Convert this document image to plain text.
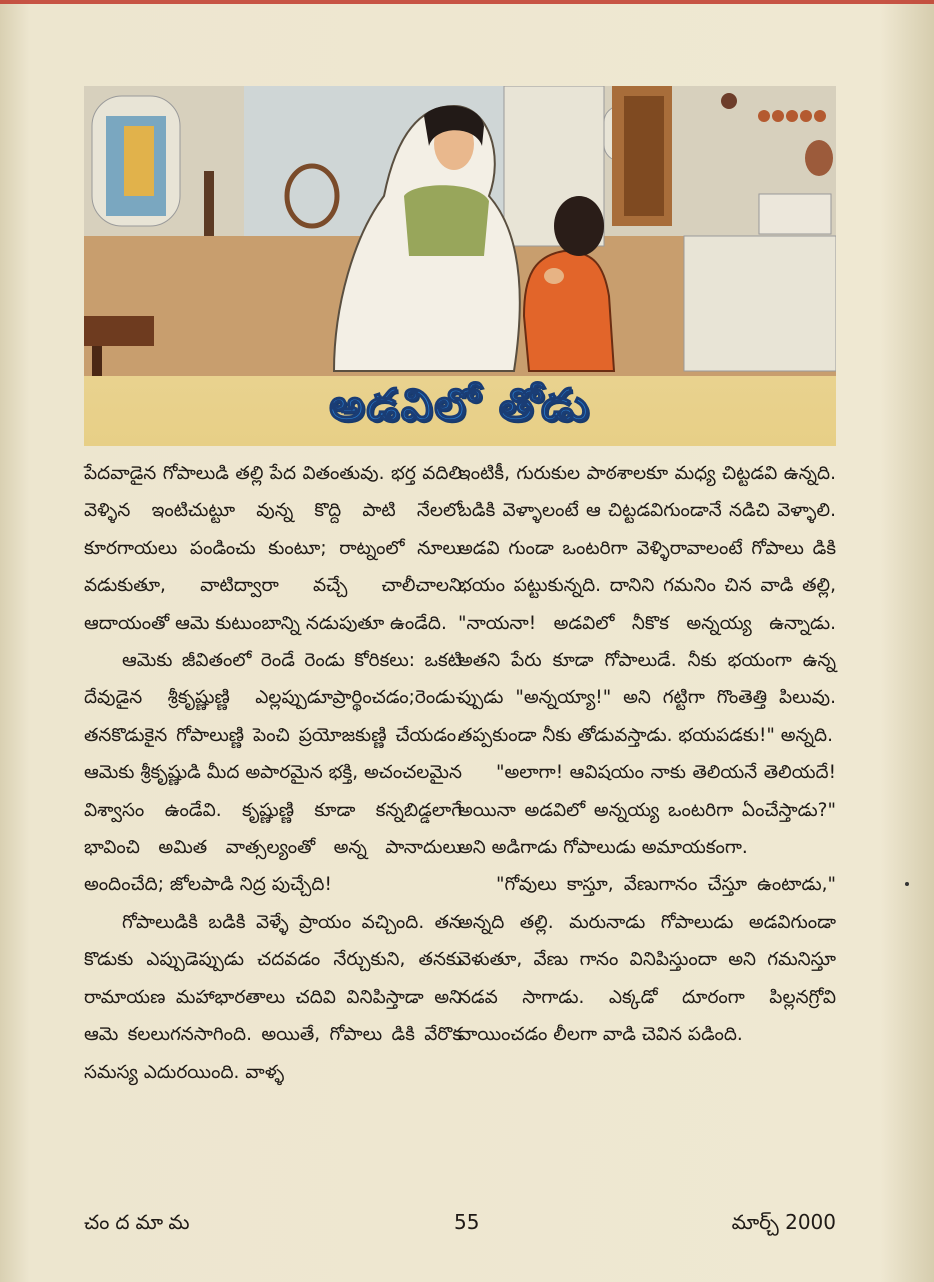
అడవిలో తోడు

పేదవాడైన గోపాలుడి తల్లి పేద వితంతువు. భర్త వదిలి వెళ్ళిన ఇంటిచుట్టూ వున్న కొద్ది పాటి నేలలో కూరగాయలు పండించు కుంటూ; రాట్నంలో నూలు వడుకుతూ, వాటిద్వారా వచ్చే చాలీచాలని ఆదాయంతో ఆమె కుటుంబాన్ని నడుపుతూ ఉండేది.

ఆమెకు జీవితంలో రెండే రెండు కోరికలు: ఒకటి దేవుడైన శ్రీకృష్ణుణ్ణి ఎల్లప్పుడూప్రార్థించడం;రెండు-తనకొడుకైన గోపాలుణ్ణి పెంచి ప్రయోజకుణ్ణి చేయడం. ఆమెకు శ్రీకృష్ణుడి మీద అపారమైన భక్తి, అచంచలమైన విశ్వాసం ఉండేవి. కృష్ణుణ్ణి కూడా కన్నబిడ్డలాగే భావించి అమిత వాత్సల్యంతో అన్న పానాదులు అందించేది; జోలపాడి నిద్ర పుచ్చేది!

గోపాలుడికి బడికి వెళ్ళే ప్రాయం వచ్చింది. తన కొడుకు ఎప్పుడెప్పుడు చదవడం నేర్చుకుని, తనకు రామాయణ మహాభారతాలు చదివి వినిపిస్తాడా అని ఆమె కలలుగనసాగింది. అయితే, గోపాలు డికి వేరొక సమస్య ఎదురయింది. వాళ్ళ

ఇంటికీ, గురుకుల పాఠశాలకూ మధ్య చిట్టడవి ఉన్నది. బడికి వెళ్ళాలంటే ఆ చిట్టడవిగుండానే నడిచి వెళ్ళాలి. అడవి గుండా ఒంటరిగా వెళ్ళిరావాలంటే గోపాలు డికి భయం పట్టుకున్నది. దానిని గమనిం చిన వాడి తల్లి, "నాయనా! అడవిలో నీకొక అన్నయ్య ఉన్నాడు. అతని పేరు కూడా గోపాలుడే. నీకు భయంగా ఉన్న ప్పుడు "అన్నయ్యా!" అని గట్టిగా గొంతెత్తి పిలువు. తప్పకుండా నీకు తోడువస్తాడు. భయపడకు!" అన్నది.

"అలాగా! ఆవిషయం నాకు తెలియనే తెలియదే! అయినా అడవిలో అన్నయ్య ఒంటరిగా ఏంచేస్తాడు?" అని అడిగాడు గోపాలుడు అమాయకంగా.

"గోవులు కాస్తూ, వేణుగానం చేస్తూ ఉంటాడు," అన్నది తల్లి. మరునాడు గోపాలుడు అడవిగుండా వెళుతూ, వేణు గానం వినిపిస్తుందా అని గమనిస్తూ నడవ సాగాడు. ఎక్కడో దూరంగా పిల్లనగ్రోవి వాయించడం లీలగా వాడి చెవిన పడింది.

చందమామ	55	మార్చ్ 2000
